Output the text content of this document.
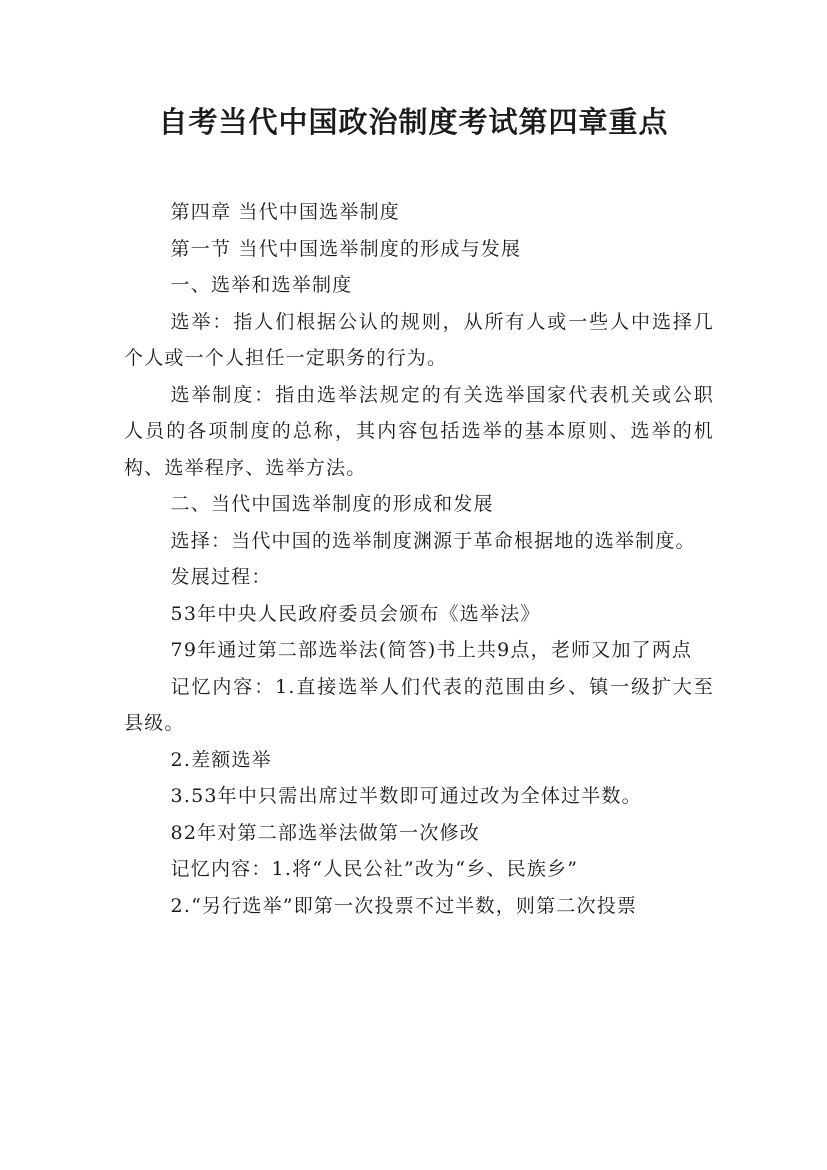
自考当代中国政治制度考试第四章重点

第四章 当代中国选举制度

第一节 当代中国选举制度的形成与发展

一、选举和选举制度

选举：指人们根据公认的规则，从所有人或一些人中选择几个人或一个人担任一定职务的行为。

选举制度：指由选举法规定的有关选举国家代表机关或公职人员的各项制度的总称，其内容包括选举的基本原则、选举的机构、选举程序、选举方法。

二、当代中国选举制度的形成和发展

选择：当代中国的选举制度渊源于革命根据地的选举制度。

发展过程：

53年中央人民政府委员会颁布《选举法》

79年通过第二部选举法(简答)书上共9点，老师又加了两点

记忆内容：1.直接选举人们代表的范围由乡、镇一级扩大至县级。

2.差额选举

3.53年中只需出席过半数即可通过改为全体过半数。

82年对第二部选举法做第一次修改

记忆内容：1.将“人民公社”改为“乡、民族乡”

2.“另行选举”即第一次投票不过半数，则第二次投票
